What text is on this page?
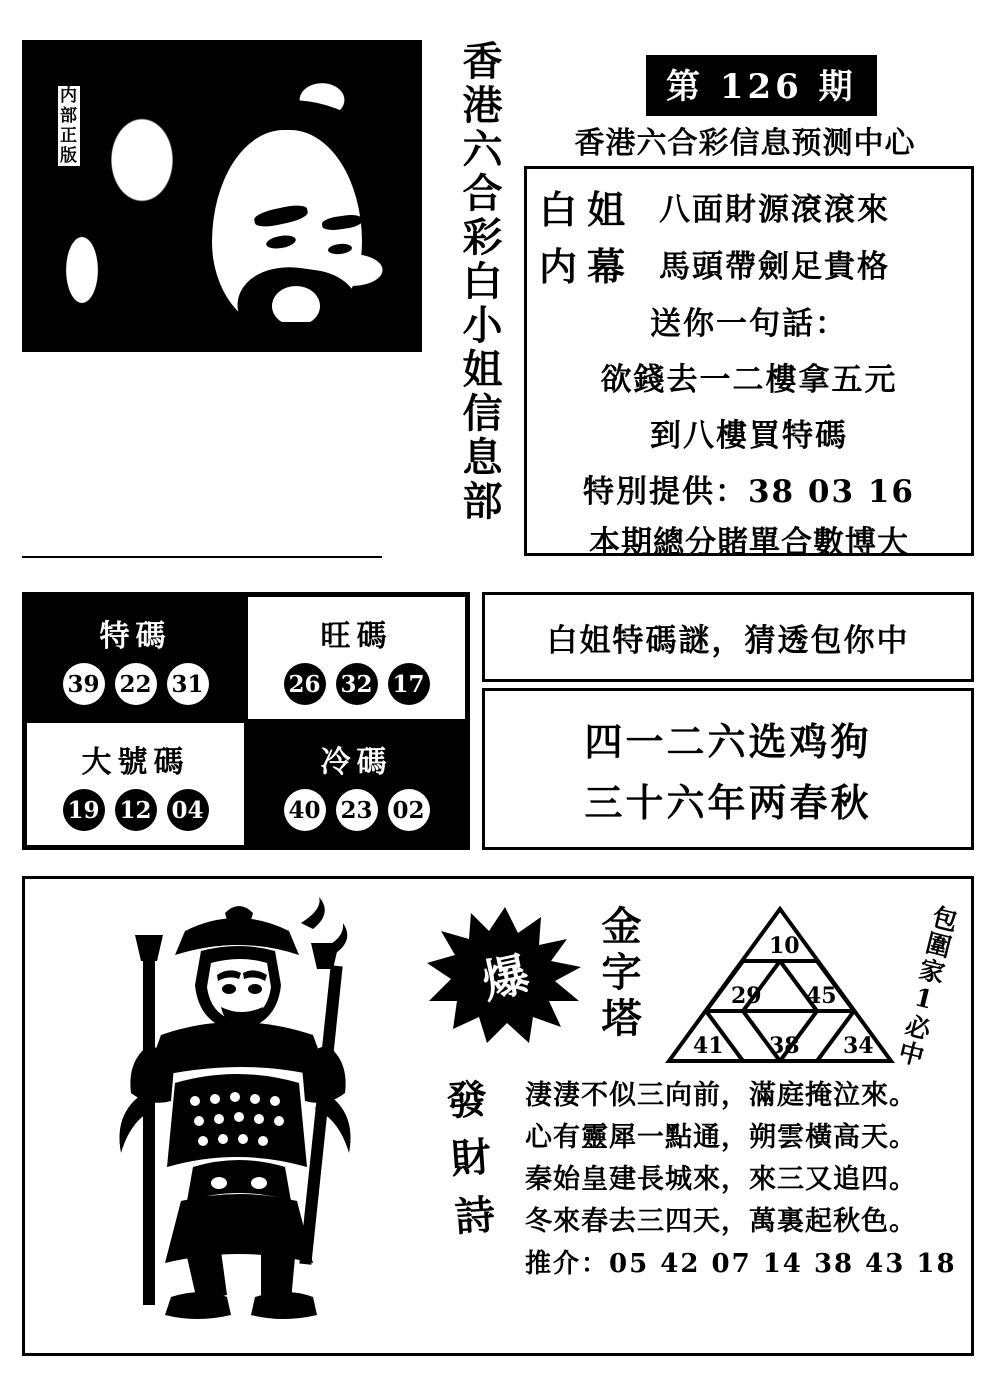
内
部
正
版	香港六合彩白小姐信息部	第 126 期
香港六合彩信息预测中心
白姐 八面財源滾滾來
内幕 馬頭帶劍足貴格
送你一句話：
欲錢去一二樓拿五元
到八樓買特碼
特別提供：38 03 16
本期總分賭單合數博大
特碼
39 22 31
旺碼
26 32 17
大號碼
19 12 04
冷碼
40 23 02
白姐特碼謎，猜透包你中
四一二六选鸡狗
三十六年两春秋
爆	金字塔	10
29 45
41 38 34 包圍家1必中
發財詩 淒淒不似三向前，滿庭掩泣來。
心有靈犀一點通，朔雲橫高天。
秦始皇建長城來，來三又追四。
冬來春去三四天，萬裏起秋色。
推介：05 42 07 14 38 43 18
